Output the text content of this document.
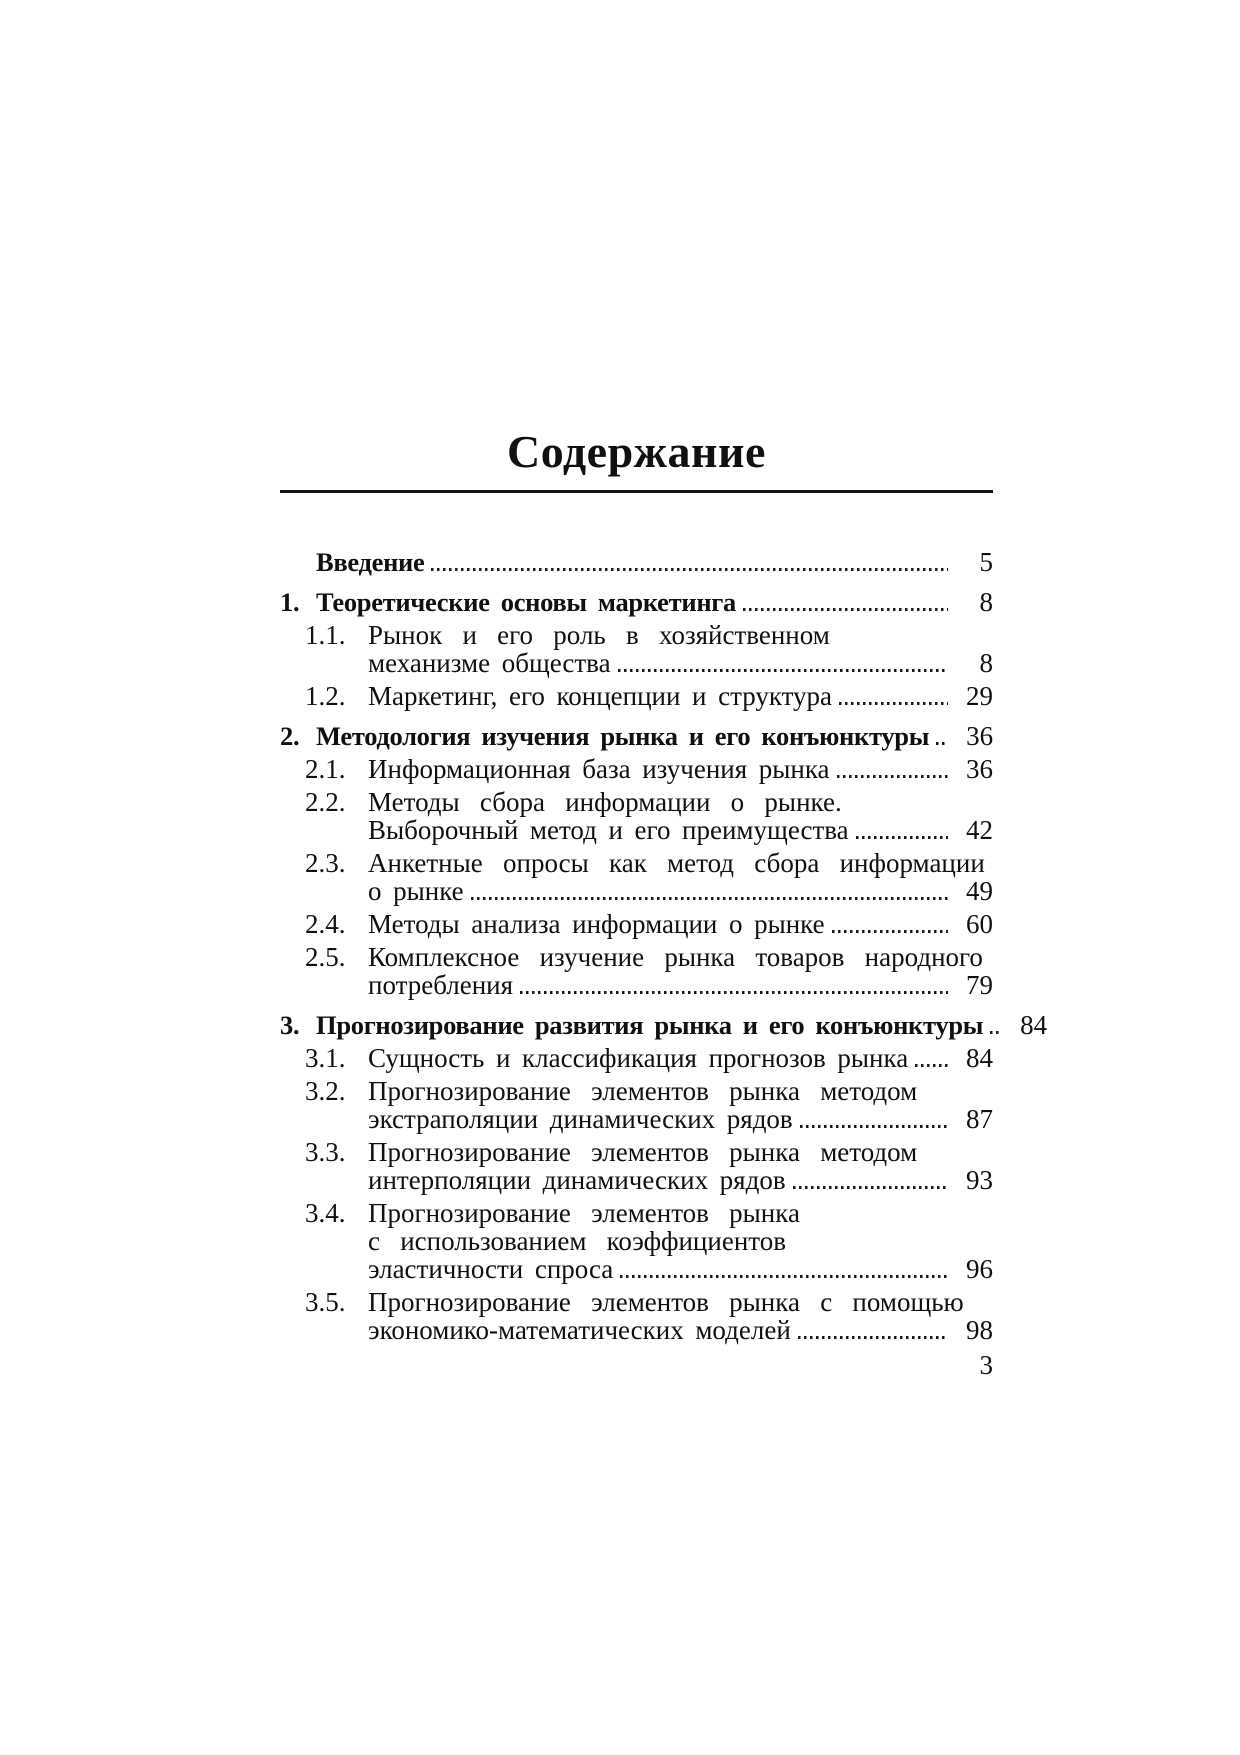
Содержание
Введение	5
1. Теоретические основы маркетинга	8
1.1. Рынок и его роль в хозяйственном
механизме общества	8
1.2. Маркетинг, его концепции и структура	29
2. Методология изучения рынка и его конъюнктуры	36
2.1. Информационная база изучения рынка	36
2.2. Методы сбора информации о рынке.
Выборочный метод и его преимущества	42
2.3. Анкетные опросы как метод сбора информации
о рынке	49
2.4. Методы анализа информации о рынке	60
2.5. Комплексное изучение рынка товаров народного
потребления	79
3. Прогнозирование развития рынка и его конъюнктуры	84
3.1. Сущность и классификация прогнозов рынка	84
3.2. Прогнозирование элементов рынка методом
экстраполяции динамических рядов	87
3.3. Прогнозирование элементов рынка методом
интерполяции динамических рядов	93
3.4. Прогнозирование элементов рынка
с использованием коэффициентов
эластичности спроса	96
3.5. Прогнозирование элементов рынка с помощью
экономико-математических моделей	98
3
